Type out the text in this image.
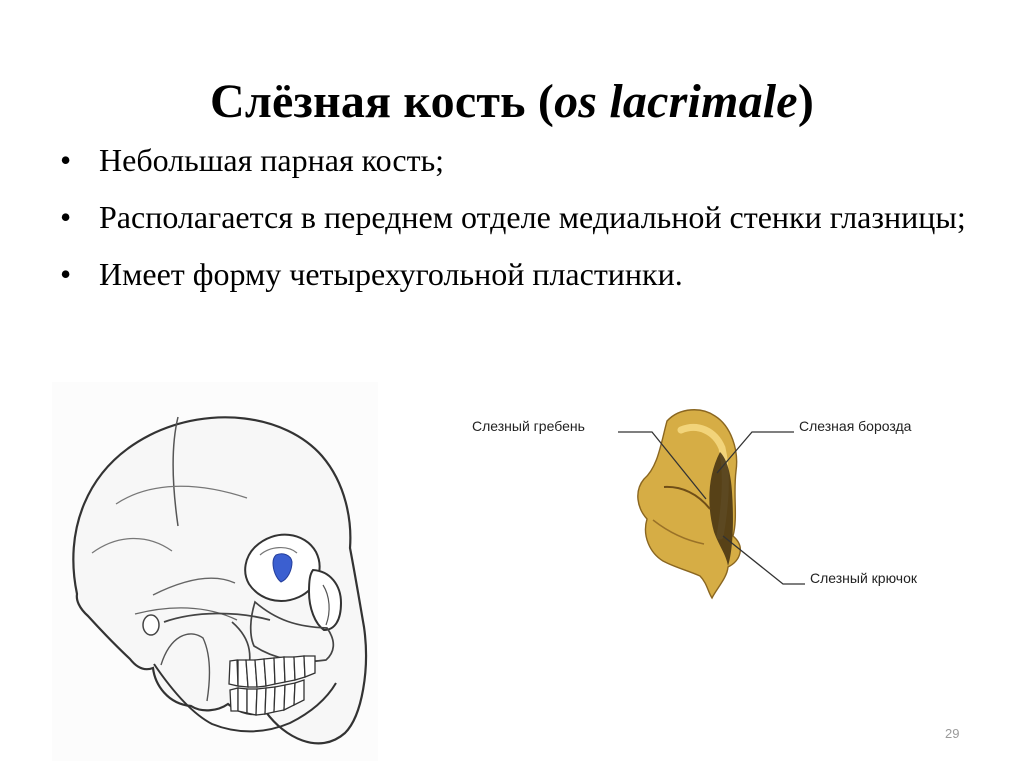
Слёзная кость (os lacrimale)
• Небольшая парная кость;
• Располагается в переднем отделе медиальной стенки глазницы;
• Имеет форму четырехугольной пластинки.
Слезный гребень	Слезная борозда
Слезный крючок
29
